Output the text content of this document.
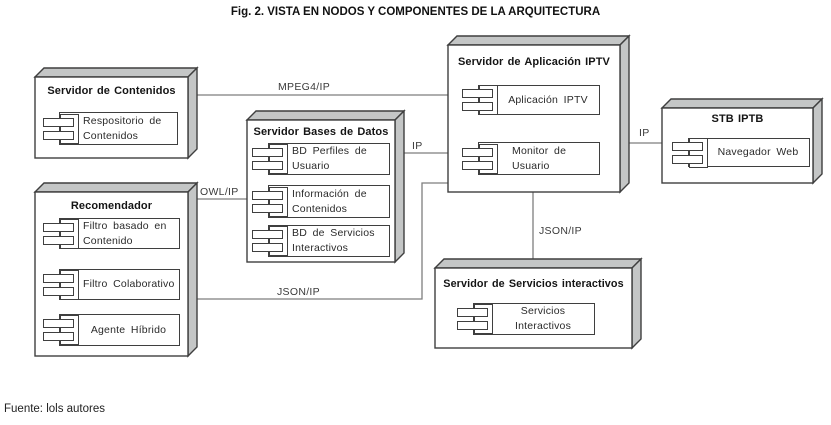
Fig. 2. VISTA EN NODOS Y COMPONENTES DE LA ARQUITECTURA
Servidor de Contenidos
Recomendador
Servidor Bases de Datos
Servidor de Aplicación IPTV
STB IPTB
Servidor de Servicios interactivos
Respositorio de
Contenidos
Filtro basado en
Contenido
Filtro Colaborativo
Agente Híbrido
BD Perfiles de
Usuario
Información de
Contenidos
BD de Servicios
Interactivos
Aplicación IPTV
Monitor de
Usuario
Navegador Web
Servicios
Interactivos
MPEG4/IP
IP
OWL/IP
JSON/IP
JSON/IP
IP
Fuente: lols autores
